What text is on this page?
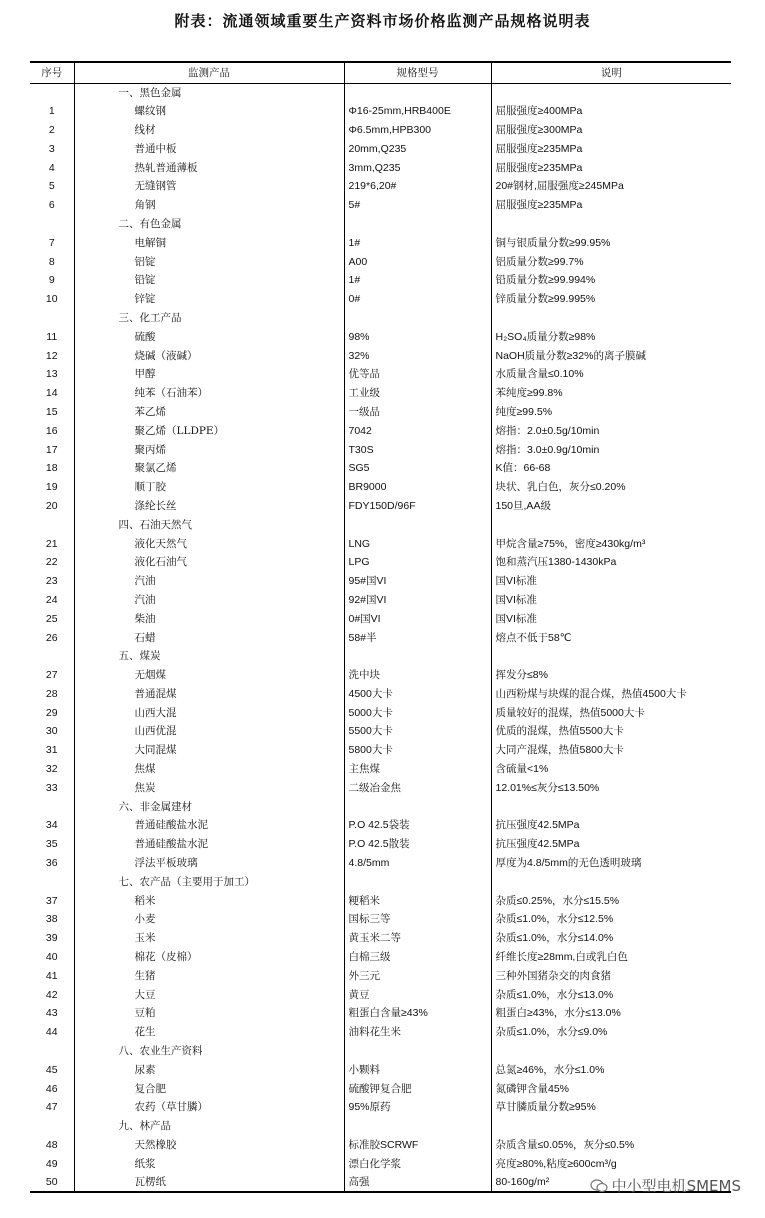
附表：流通领域重要生产资料市场价格监测产品规格说明表
序号	监测产品	规格型号	说明
	一、黑色金属		
1	螺纹钢	Φ16-25mm,HRB400E	屈服强度≥400MPa
2	线材	Φ6.5mm,HPB300	屈服强度≥300MPa
3	普通中板	20mm,Q235	屈服强度≥235MPa
4	热轧普通薄板	3mm,Q235	屈服强度≥235MPa
5	无缝钢管	219*6,20#	20#钢材,屈服强度≥245MPa
6	角钢	5#	屈服强度≥235MPa
	二、有色金属		
7	电解铜	1#	铜与银质量分数≥99.95%
8	铝锭	A00	铝质量分数≥99.7%
9	铅锭	1#	铅质量分数≥99.994%
10	锌锭	0#	锌质量分数≥99.995%
	三、化工产品		
11	硫酸	98%	H₂SO₄质量分数≥98%
12	烧碱（液碱）	32%	NaOH质量分数≥32%的离子膜碱
13	甲醇	优等品	水质量含量≤0.10%
14	纯苯（石油苯）	工业级	苯纯度≥99.8%
15	苯乙烯	一级品	纯度≥99.5%
16	聚乙烯（LLDPE）	7042	熔指：2.0±0.5g/10min
17	聚丙烯	T30S	熔指：3.0±0.9g/10min
18	聚氯乙烯	SG5	K值：66-68
19	顺丁胶	BR9000	块状、乳白色，灰分≤0.20%
20	涤纶长丝	FDY150D/96F	150旦,AA级
	四、石油天然气		
21	液化天然气	LNG	甲烷含量≥75%，密度≥430kg/m³
22	液化石油气	LPG	饱和蒸汽压1380-1430kPa
23	汽油	95#国VI	国VI标准
24	汽油	92#国VI	国VI标准
25	柴油	0#国VI	国VI标准
26	石蜡	58#半	熔点不低于58℃
	五、煤炭		
27	无烟煤	洗中块	挥发分≤8%
28	普通混煤	4500大卡	山西粉煤与块煤的混合煤，热值4500大卡
29	山西大混	5000大卡	质量较好的混煤，热值5000大卡
30	山西优混	5500大卡	优质的混煤，热值5500大卡
31	大同混煤	5800大卡	大同产混煤，热值5800大卡
32	焦煤	主焦煤	含硫量<1%
33	焦炭	二级冶金焦	12.01%≤灰分≤13.50%
	六、非金属建材		
34	普通硅酸盐水泥	P.O 42.5袋装	抗压强度42.5MPa
35	普通硅酸盐水泥	P.O 42.5散装	抗压强度42.5MPa
36	浮法平板玻璃	4.8/5mm	厚度为4.8/5mm的无色透明玻璃
	七、农产品（主要用于加工）		
37	稻米	粳稻米	杂质≤0.25%，水分≤15.5%
38	小麦	国标三等	杂质≤1.0%，水分≤12.5%
39	玉米	黄玉米二等	杂质≤1.0%，水分≤14.0%
40	棉花（皮棉）	白棉三级	纤维长度≥28mm,白或乳白色
41	生猪	外三元	三种外国猪杂交的肉食猪
42	大豆	黄豆	杂质≤1.0%，水分≤13.0%
43	豆粕	粗蛋白含量≥43%	粗蛋白≥43%，水分≤13.0%
44	花生	油料花生米	杂质≤1.0%，水分≤9.0%
	八、农业生产资料		
45	尿素	小颗料	总氮≥46%，水分≤1.0%
46	复合肥	硫酸钾复合肥	氮磷钾含量45%
47	农药（草甘膦）	95%原药	草甘膦质量分数≥95%
	九、林产品		
48	天然橡胶	标准胶SCRWF	杂质含量≤0.05%，灰分≤0.5%
49	纸浆	漂白化学浆	亮度≥80%,粘度≥600cm³/g
50	瓦楞纸	高强	80-160g/m²	中小型电机SMEMS
